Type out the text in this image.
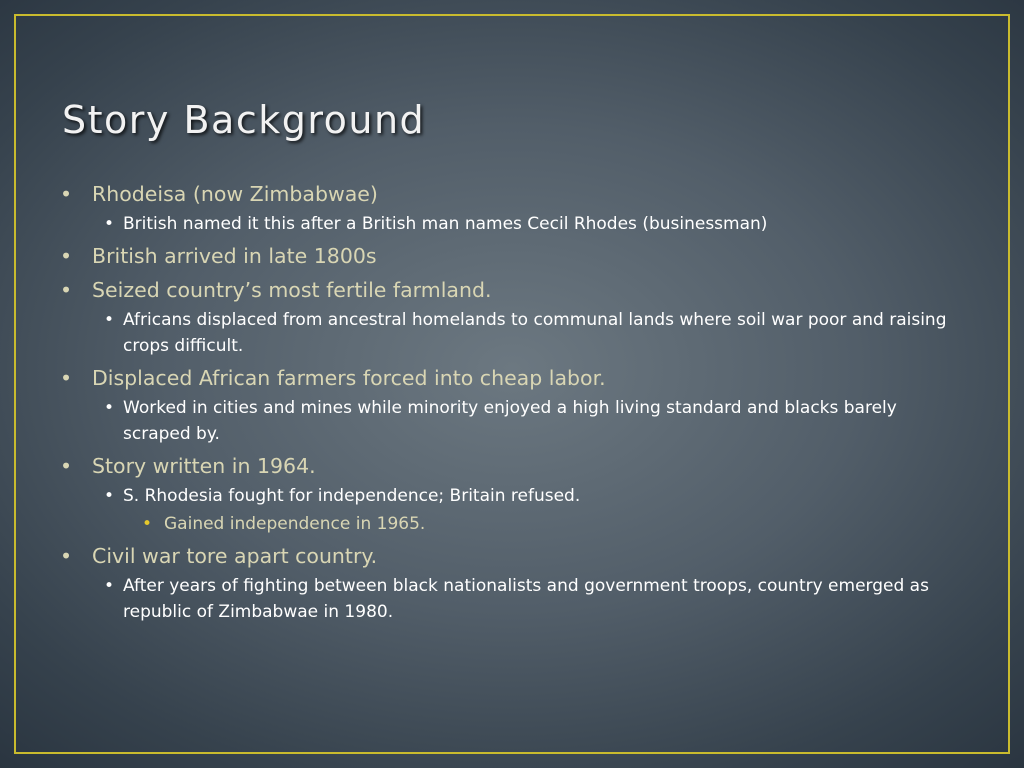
Story Background
• Rhodeisa (now Zimbabwae)
• British named it this after a British man names Cecil Rhodes (businessman)
• British arrived in late 1800s
• Seized country’s most fertile farmland.
• Africans displaced from ancestral homelands to communal lands where soil war poor and raising crops difficult.
• Displaced African farmers forced into cheap labor.
• Worked in cities and mines while minority enjoyed a high living standard and blacks barely scraped by.
• Story written in 1964.
• S. Rhodesia fought for independence; Britain refused.
• Gained independence in 1965.
• Civil war tore apart country.
• After years of fighting between black nationalists and government troops, country emerged as republic of Zimbabwae in 1980.
